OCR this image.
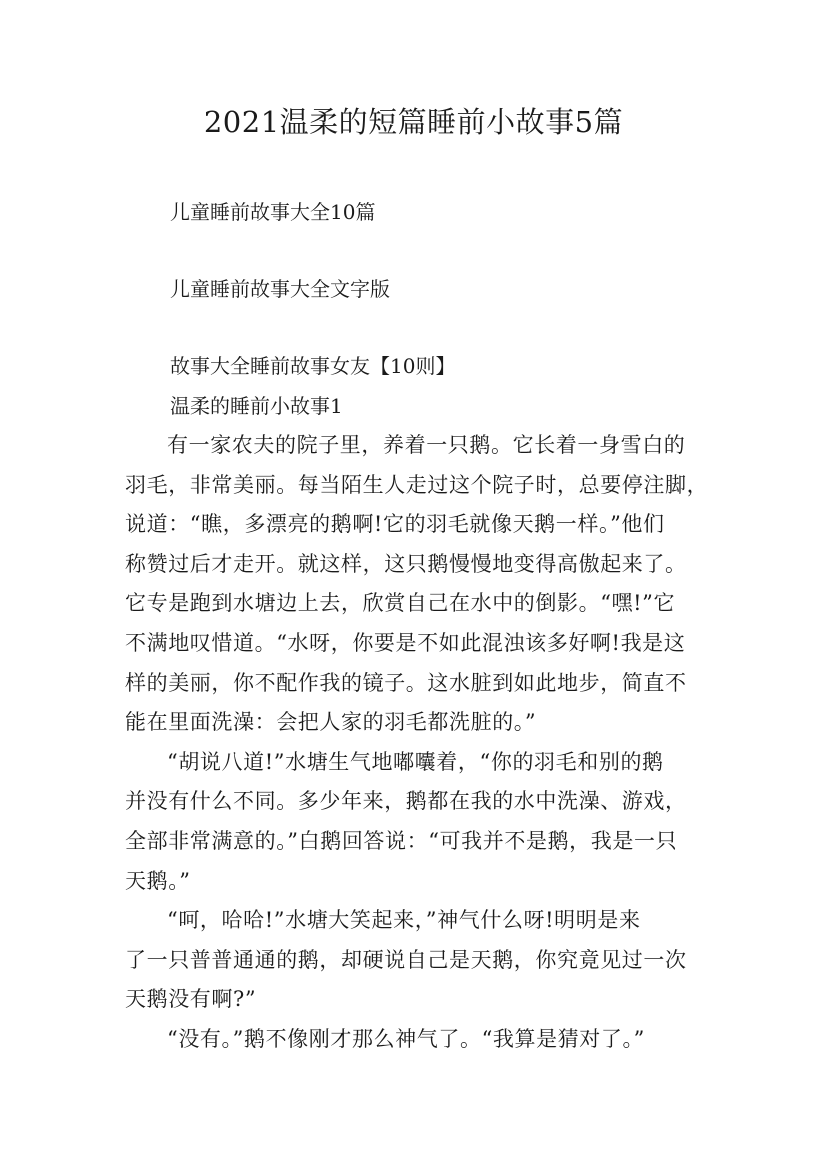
2021温柔的短篇睡前小故事5篇
儿童睡前故事大全10篇
儿童睡前故事大全文字版
故事大全睡前故事女友【10则】
温柔的睡前小故事1

有一家农夫的院子里，养着一只鹅。它长着一身雪白的
羽毛，非常美丽。每当陌生人走过这个院子时，总要停注脚，
说道：“瞧，多漂亮的鹅啊!它的羽毛就像天鹅一样。”他们
称赞过后才走开。就这样，这只鹅慢慢地变得高傲起来了。
它专是跑到水塘边上去，欣赏自己在水中的倒影。“嘿!”它
不满地叹惜道。“水呀，你要是不如此混浊该多好啊!我是这
样的美丽，你不配作我的镜子。这水脏到如此地步，简直不
能在里面洗澡：会把人家的羽毛都洗脏的。”

“胡说八道!”水塘生气地嘟囔着，“你的羽毛和别的鹅
并没有什么不同。多少年来，鹅都在我的水中洗澡、游戏，
全部非常满意的。”白鹅回答说：“可我并不是鹅，我是一只
天鹅。”

“呵，哈哈!”水塘大笑起来，”神气什么呀!明明是来
了一只普普通通的鹅，却硬说自己是天鹅，你究竟见过一次
天鹅没有啊?”

“没有。”鹅不像刚才那么神气了。“我算是猜对了。”
